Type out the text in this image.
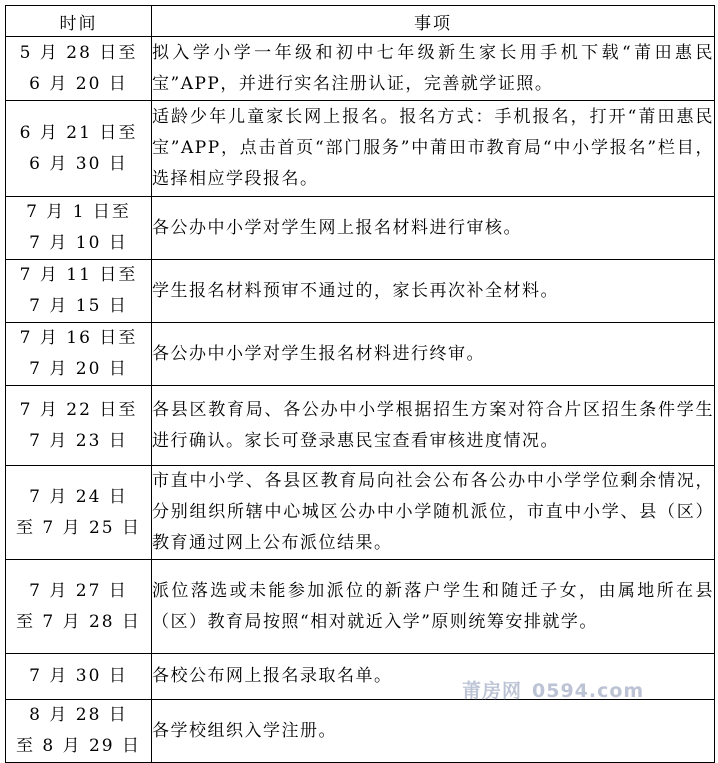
时间	事项

5 月 28 日至
6 月 20 日	拟入学小学一年级和初中七年级新生家长用手机下载“莆田惠民宝”APP，并进行实名注册认证，完善就学证照。

6 月 21 日至
6 月 30 日	适龄少年儿童家长网上报名。报名方式：手机报名，打开“莆田惠民宝”APP，点击首页“部门服务”中莆田市教育局“中小学报名”栏目，选择相应学段报名。

7 月 1 日至
7 月 10 日	各公办中小学对学生网上报名材料进行审核。

7 月 11 日至
7 月 15 日	学生报名材料预审不通过的，家长再次补全材料。

7 月 16 日至
7 月 20 日	各公办中小学对学生报名材料进行终审。

7 月 22 日至
7 月 23 日	各县区教育局、各公办中小学根据招生方案对符合片区招生条件学生进行确认。家长可登录惠民宝查看审核进度情况。

7 月 24 日
至 7 月 25 日	市直中小学、各县区教育局向社会公布各公办中小学学位剩余情况，分别组织所辖中心城区公办中小学随机派位，市直中小学、县（区）教育通过网上公布派位结果。

7 月 27 日
至 7 月 28 日	派位落选或未能参加派位的新落户学生和随迁子女，由属地所在县（区）教育局按照“相对就近入学”原则统筹安排就学。

7 月 30 日	各校公布网上报名录取名单。

8 月 28 日
至 8 月 29 日	各学校组织入学注册。
莆房网 0594.com
